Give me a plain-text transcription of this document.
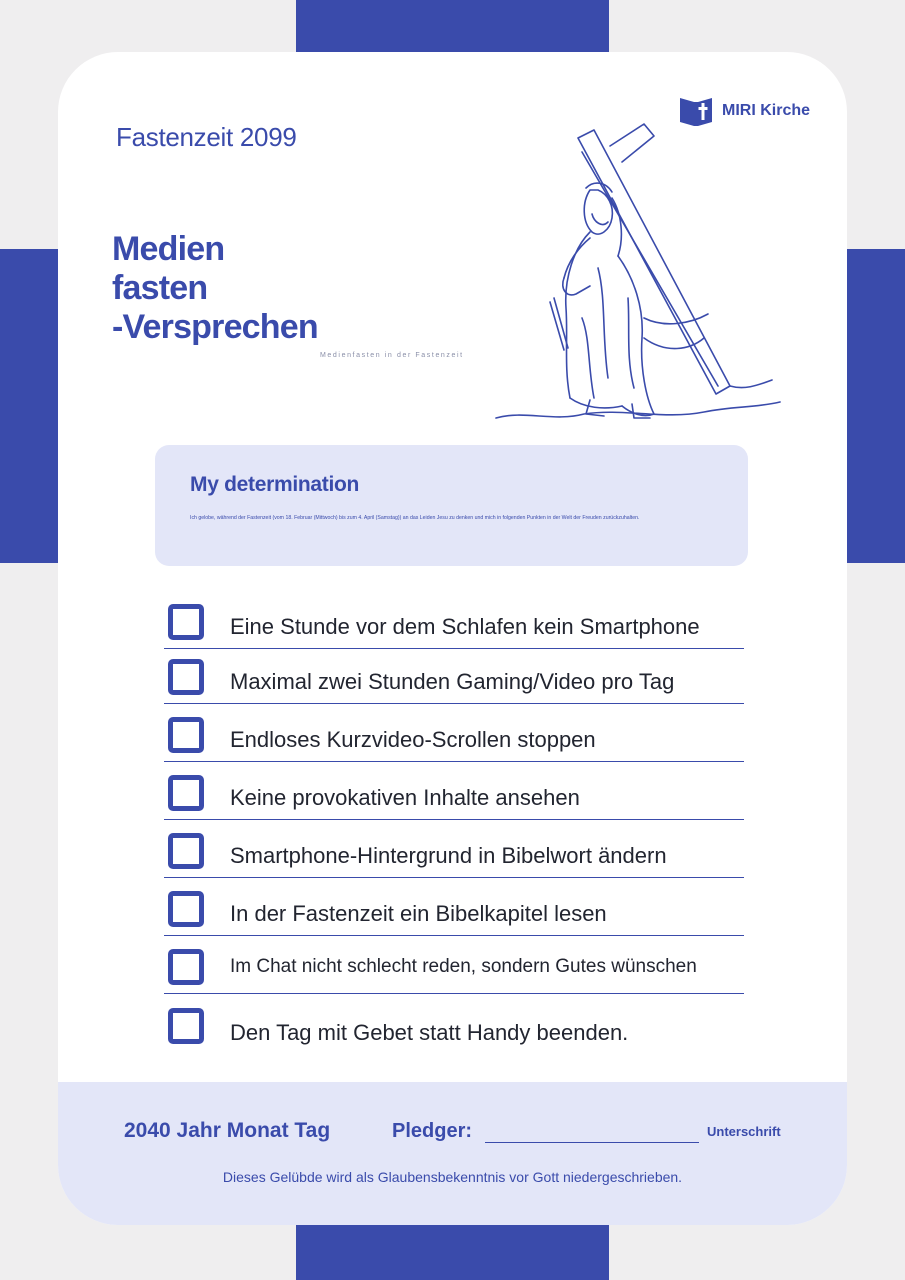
Fastenzeit 2099
MIRI Kirche
Medien
fasten
-Versprechen
Medienfasten in der Fastenzeit
My determination
Ich gelobe, während der Fastenzeit (vom 18. Februar (Mittwoch) bis zum 4. April (Samstag)) an das Leiden Jesu zu denken und mich in folgenden Punkten in der Welt der Freuden zurückzuhalten.
Eine Stunde vor dem Schlafen kein Smartphone
Maximal zwei Stunden Gaming/Video pro Tag
Endloses Kurzvideo-Scrollen stoppen
Keine provokativen Inhalte ansehen
Smartphone-Hintergrund in Bibelwort ändern
In der Fastenzeit ein Bibelkapitel lesen
Im Chat nicht schlecht reden, sondern Gutes wünschen
Den Tag mit Gebet statt Handy beenden.
2040 Jahr Monat Tag	Pledger:	Unterschrift
Dieses Gelübde wird als Glaubensbekenntnis vor Gott niedergeschrieben.
